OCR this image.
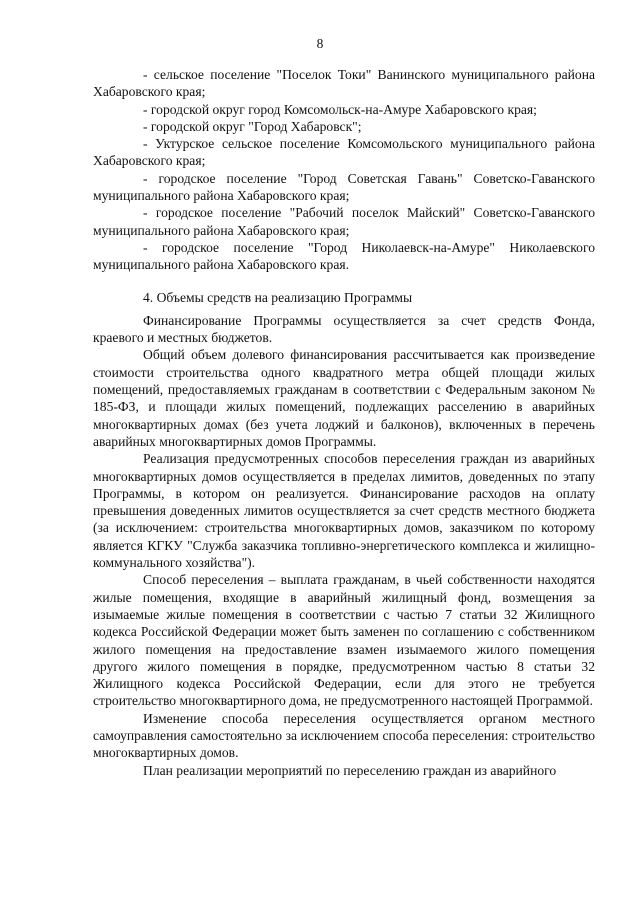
8

- сельское поселение "Поселок Токи" Ванинского муниципального района Хабаровского края;

- городской округ город Комсомольск-на-Амуре Хабаровского края;

- городской округ "Город Хабаровск";

- Уктурское сельское поселение Комсомольского муниципального района Хабаровского края;

- городское поселение "Город Советская Гавань" Советско-Гаванского муниципального района Хабаровского края;

- городское поселение "Рабочий поселок Майский" Советско-Гаванского муниципального района Хабаровского края;

- городское поселение "Город Николаевск-на-Амуре" Николаевского муниципального района Хабаровского края.

4. Объемы средств на реализацию Программы

Финансирование Программы осуществляется за счет средств Фонда, краевого и местных бюджетов.

Общий объем долевого финансирования рассчитывается как произведение стоимости строительства одного квадратного метра общей площади жилых помещений, предоставляемых гражданам в соответствии с Федеральным законом № 185-ФЗ, и площади жилых помещений, подлежащих расселению в аварийных многоквартирных домах (без учета лоджий и балконов), включенных в перечень аварийных многоквартирных домов Программы.

Реализация предусмотренных способов переселения граждан из аварийных многоквартирных домов осуществляется в пределах лимитов, доведенных по этапу Программы, в котором он реализуется. Финансирование расходов на оплату превышения доведенных лимитов осуществляется за счет средств местного бюджета (за исключением: строительства многоквартирных домов, заказчиком по которому является КГКУ "Служба заказчика топливно-энергетического комплекса и жилищно-коммунального хозяйства").

Способ переселения – выплата гражданам, в чьей собственности находятся жилые помещения, входящие в аварийный жилищный фонд, возмещения за изымаемые жилые помещения в соответствии с частью 7 статьи 32 Жилищного кодекса Российской Федерации может быть заменен по соглашению с собственником жилого помещения на предоставление взамен изымаемого жилого помещения другого жилого помещения в порядке, предусмотренном частью 8 статьи 32 Жилищного кодекса Российской Федерации, если для этого не требуется строительство многоквартирного дома, не предусмотренного настоящей Программой.

Изменение способа переселения осуществляется органом местного самоуправления самостоятельно за исключением способа переселения: строительство многоквартирных домов.

План реализации мероприятий по переселению граждан из аварийного
